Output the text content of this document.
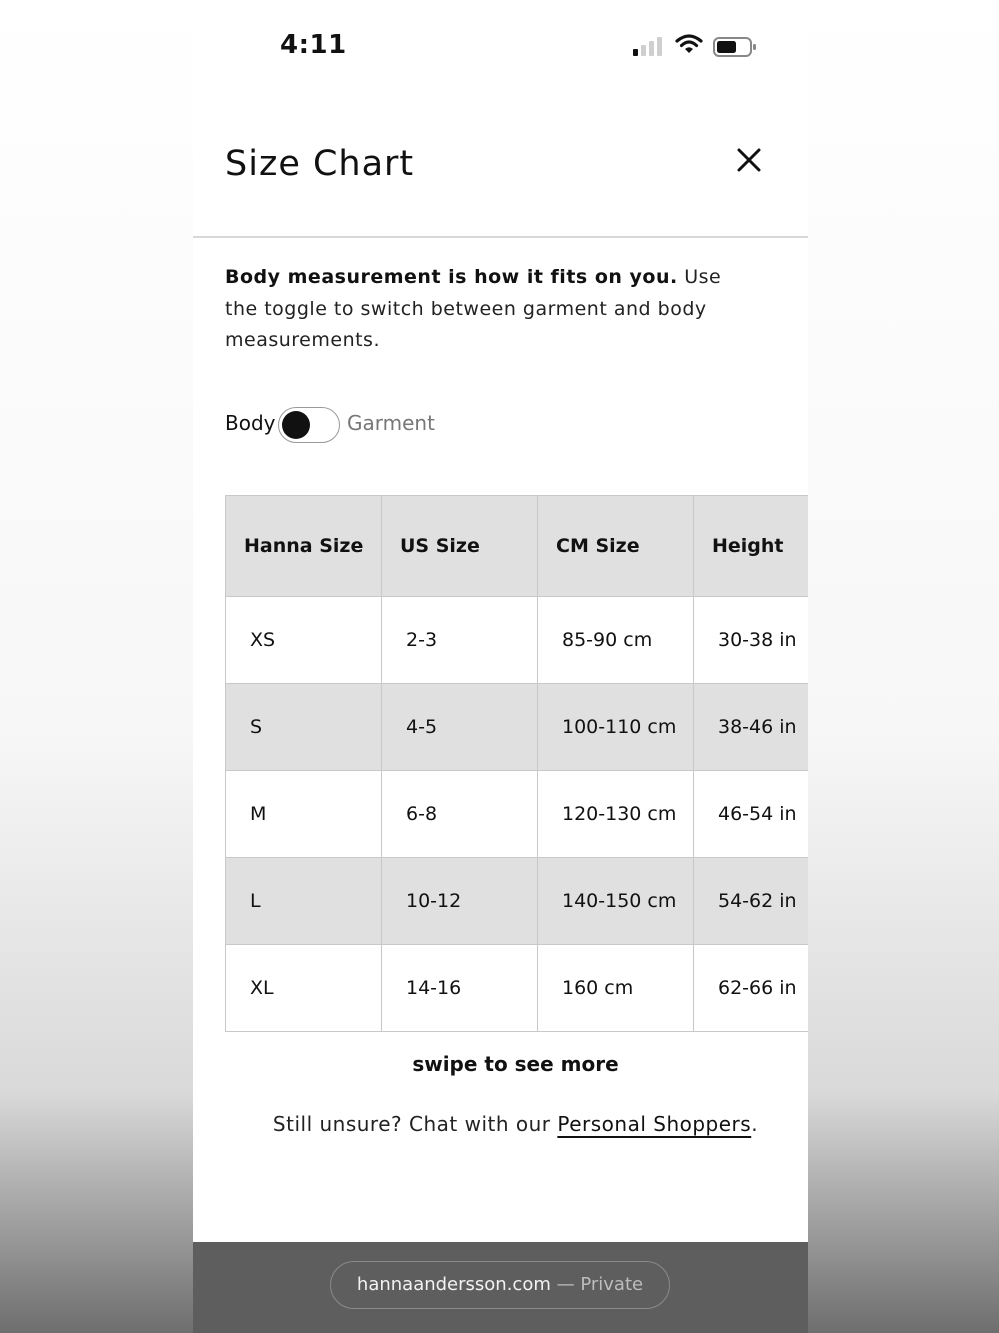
4:11
Size Chart
Body measurement is how it fits on you. Use the toggle to switch between garment and body measurements.
Body	Garment
Hanna Size	US Size	CM Size	Height
XS	2-3	85-90 cm	30-38 in
S	4-5	100-110 cm	38-46 in
M	6-8	120-130 cm	46-54 in
L	10-12	140-150 cm	54-62 in
XL	14-16	160 cm	62-66 in
swipe to see more
Still unsure? Chat with our Personal Shoppers.
hannaandersson.com — Private
